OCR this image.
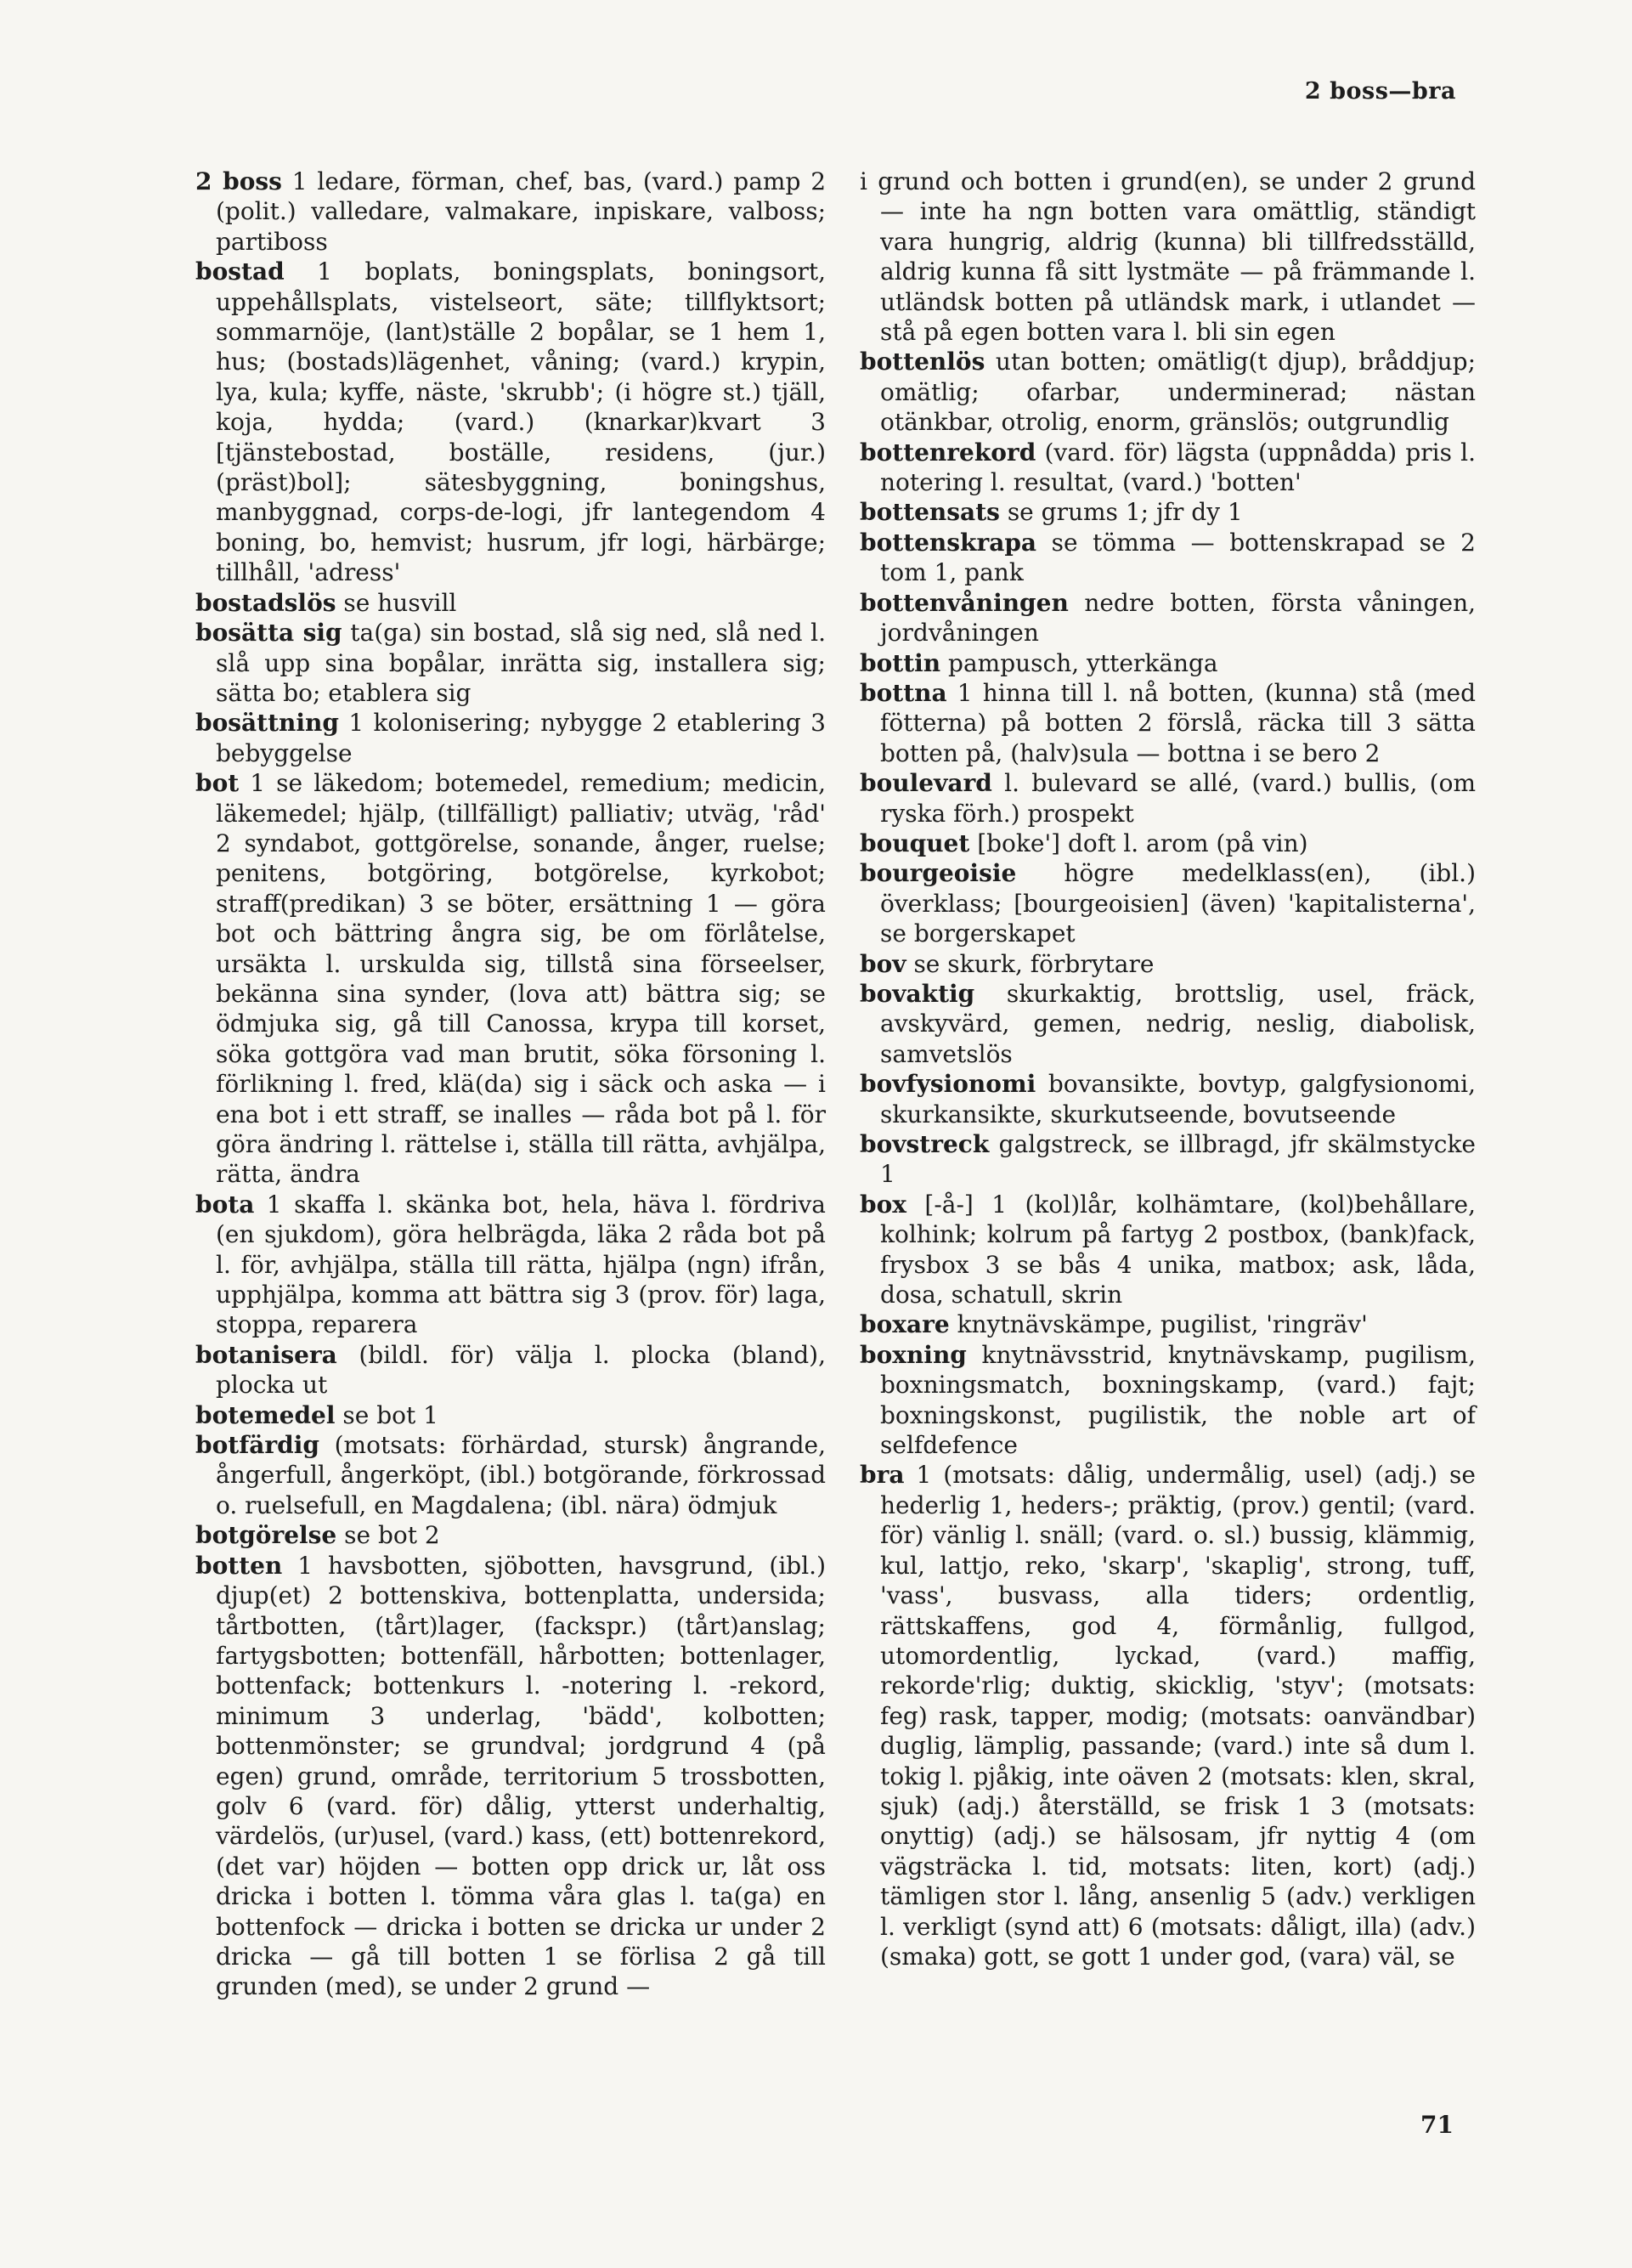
2 boss—bra

2 boss 1 ledare, förman, chef, bas, (vard.) pamp 2 (polit.) valledare, valmakare, inpiskare, valboss; partiboss

bostad 1 boplats, boningsplats, boningsort, uppehållsplats, vistelseort, säte; tillflyktsort; sommarnöje, (lant)ställe 2 bopålar, se 1 hem 1, hus; (bostads)lägenhet, våning; (vard.) krypin, lya, kula; kyffe, näste, 'skrubb'; (i högre st.) tjäll, koja, hydda; (vard.) (knarkar)kvart 3 [tjänstebostad, boställe, residens, (jur.) (präst)bol]; sätesbyggning, boningshus, manbyggnad, corps-de-logi, jfr lantegendom 4 boning, bo, hemvist; husrum, jfr logi, härbärge; tillhåll, 'adress'

bostadslös se husvill

bosätta sig ta(ga) sin bostad, slå sig ned, slå ned l. slå upp sina bopålar, inrätta sig, installera sig; sätta bo; etablera sig

bosättning 1 kolonisering; nybygge 2 etablering 3 bebyggelse

bot 1 se läkedom; botemedel, remedium; medicin, läkemedel; hjälp, (tillfälligt) palliativ; utväg, 'råd' 2 syndabot, gottgörelse, sonande, ånger, ruelse; penitens, botgöring, botgörelse, kyrkobot; straff(predikan) 3 se böter, ersättning 1 — göra bot och bättring ångra sig, be om förlåtelse, ursäkta l. urskulda sig, tillstå sina förseelser, bekänna sina synder, (lova att) bättra sig; se ödmjuka sig, gå till Canossa, krypa till korset, söka gottgöra vad man brutit, söka försoning l. förlikning l. fred, klä(da) sig i säck och aska — i ena bot i ett straff, se inalles — råda bot på l. för göra ändring l. rättelse i, ställa till rätta, avhjälpa, rätta, ändra

bota 1 skaffa l. skänka bot, hela, häva l. fördriva (en sjukdom), göra helbrägda, läka 2 råda bot på l. för, avhjälpa, ställa till rätta, hjälpa (ngn) ifrån, upphjälpa, komma att bättra sig 3 (prov. för) laga, stoppa, reparera

botanisera (bildl. för) välja l. plocka (bland), plocka ut

botemedel se bot 1

botfärdig (motsats: förhärdad, stursk) ångrande, ångerfull, ångerköpt, (ibl.) botgörande, förkrossad o. ruelsefull, en Magdalena; (ibl. nära) ödmjuk

botgörelse se bot 2

botten 1 havsbotten, sjöbotten, havsgrund, (ibl.) djup(et) 2 bottenskiva, bottenplatta, undersida; tårtbotten, (tårt)lager, (fackspr.) (tårt)anslag; fartygsbotten; bottenfäll, hårbotten; bottenlager, bottenfack; bottenkurs l. -notering l. -rekord, minimum 3 underlag, 'bädd', kolbotten; bottenmönster; se grundval; jordgrund 4 (på egen) grund, område, territorium 5 trossbotten, golv 6 (vard. för) dålig, ytterst underhaltig, värdelös, (ur)usel, (vard.) kass, (ett) bottenrekord, (det var) höjden — botten opp drick ur, låt oss dricka i botten l. tömma våra glas l. ta(ga) en bottenfock — dricka i botten se dricka ur under 2 dricka — gå till botten 1 se förlisa 2 gå till grunden (med), se under 2 grund —

i grund och botten i grund(en), se under 2 grund — inte ha ngn botten vara omättlig, ständigt vara hungrig, aldrig (kunna) bli tillfredsställd, aldrig kunna få sitt lystmäte — på främmande l. utländsk botten på utländsk mark, i utlandet — stå på egen botten vara l. bli sin egen

bottenlös utan botten; omätlig(t djup), bråddjup; omätlig; ofarbar, underminerad; nästan otänkbar, otrolig, enorm, gränslös; outgrundlig

bottenrekord (vard. för) lägsta (uppnådda) pris l. notering l. resultat, (vard.) 'botten'

bottensats se grums 1; jfr dy 1

bottenskrapa se tömma — bottenskrapad se 2 tom 1, pank

bottenvåningen nedre botten, första våningen, jordvåningen

bottin pampusch, ytterkänga

bottna 1 hinna till l. nå botten, (kunna) stå (med fötterna) på botten 2 förslå, räcka till 3 sätta botten på, (halv)sula — bottna i se bero 2

boulevard l. bulevard se allé, (vard.) bullis, (om ryska förh.) prospekt

bouquet [boke'] doft l. arom (på vin)

bourgeoisie högre medelklass(en), (ibl.) överklass; [bourgeoisien] (även) 'kapitalisterna', se borgerskapet

bov se skurk, förbrytare

bovaktig skurkaktig, brottslig, usel, fräck, avskyvärd, gemen, nedrig, neslig, diabolisk, samvetslös

bovfysionomi bovansikte, bovtyp, galgfysionomi, skurkansikte, skurkutseende, bovutseende

bovstreck galgstreck, se illbragd, jfr skälmstycke 1

box [-å-] 1 (kol)lår, kolhämtare, (kol)behållare, kolhink; kolrum på fartyg 2 postbox, (bank)fack, frysbox 3 se bås 4 unika, matbox; ask, låda, dosa, schatull, skrin

boxare knytnävskämpe, pugilist, 'ringräv'

boxning knytnävsstrid, knytnävskamp, pugilism, boxningsmatch, boxningskamp, (vard.) fajt; boxningskonst, pugilistik, the noble art of selfdefence

bra 1 (motsats: dålig, undermålig, usel) (adj.) se hederlig 1, heders-; präktig, (prov.) gentil; (vard. för) vänlig l. snäll; (vard. o. sl.) bussig, klämmig, kul, lattjo, reko, 'skarp', 'skaplig', strong, tuff, 'vass', busvass, alla tiders; ordentlig, rättskaffens, god 4, förmånlig, fullgod, utomordentlig, lyckad, (vard.) maffig, rekorde'rlig; duktig, skicklig, 'styv'; (motsats: feg) rask, tapper, modig; (motsats: oanvändbar) duglig, lämplig, passande; (vard.) inte så dum l. tokig l. pjåkig, inte oäven 2 (motsats: klen, skral, sjuk) (adj.) återställd, se frisk 1 3 (motsats: onyttig) (adj.) se hälsosam, jfr nyttig 4 (om vägsträcka l. tid, motsats: liten, kort) (adj.) tämligen stor l. lång, ansenlig 5 (adv.) verkligen l. verkligt (synd att) 6 (motsats: dåligt, illa) (adv.) (smaka) gott, se gott 1 under god, (vara) väl, se

71
